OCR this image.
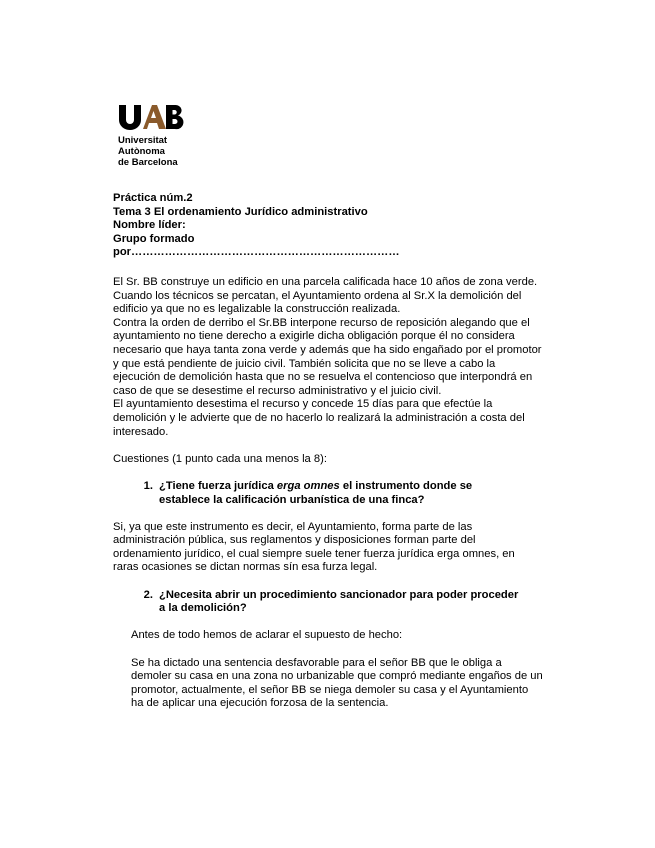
Universitat
Autònoma
de Barcelona
Práctica núm.2
Tema 3 El ordenamiento Jurídico administrativo
Nombre líder:
Grupo formado
por………………………………………………………………

El Sr. BB construye un edificio en una parcela calificada hace 10 años de zona verde.

Cuando los técnicos se percatan, el Ayuntamiento ordena al Sr.X la demolición del edificio ya que no es legalizable la construcción realizada.

Contra la orden de derribo el Sr.BB interpone recurso de reposición alegando que el ayuntamiento no tiene derecho a exigirle dicha obligación porque él no considera necesario que haya tanta zona verde y además que ha sido engañado por el promotor y que está pendiente de juicio civil. También solicita que no se lleve a cabo la ejecución de demolición hasta que no se resuelva el contencioso que interpondrá en caso de que se desestime el recurso administrativo y el juicio civil.

El ayuntamiento desestima el recurso y concede 15 días para que efectúe la demolición y le advierte que de no hacerlo lo realizará la administración a costa del interesado.

Cuestiones (1 punto cada una menos la 8):

1. ¿Tiene fuerza jurídica erga omnes el instrumento donde se establece la calificación urbanística de una finca?

Si, ya que este instrumento es decir, el Ayuntamiento, forma parte de las administración pública, sus reglamentos y disposiciones forman parte del ordenamiento jurídico, el cual siempre suele tener fuerza jurídica erga omnes, en raras ocasiones se dictan normas sín esa furza legal.

2. ¿Necesita abrir un procedimiento sancionador para poder proceder a la demolición?

Antes de todo hemos de aclarar el supuesto de hecho:

Se ha dictado una sentencia desfavorable para el señor BB que le obliga a demoler su casa en una zona no urbanizable que compró mediante engaños de un promotor, actualmente, el señor BB se niega demoler su casa y el Ayuntamiento ha de aplicar una ejecución forzosa de la sentencia.
